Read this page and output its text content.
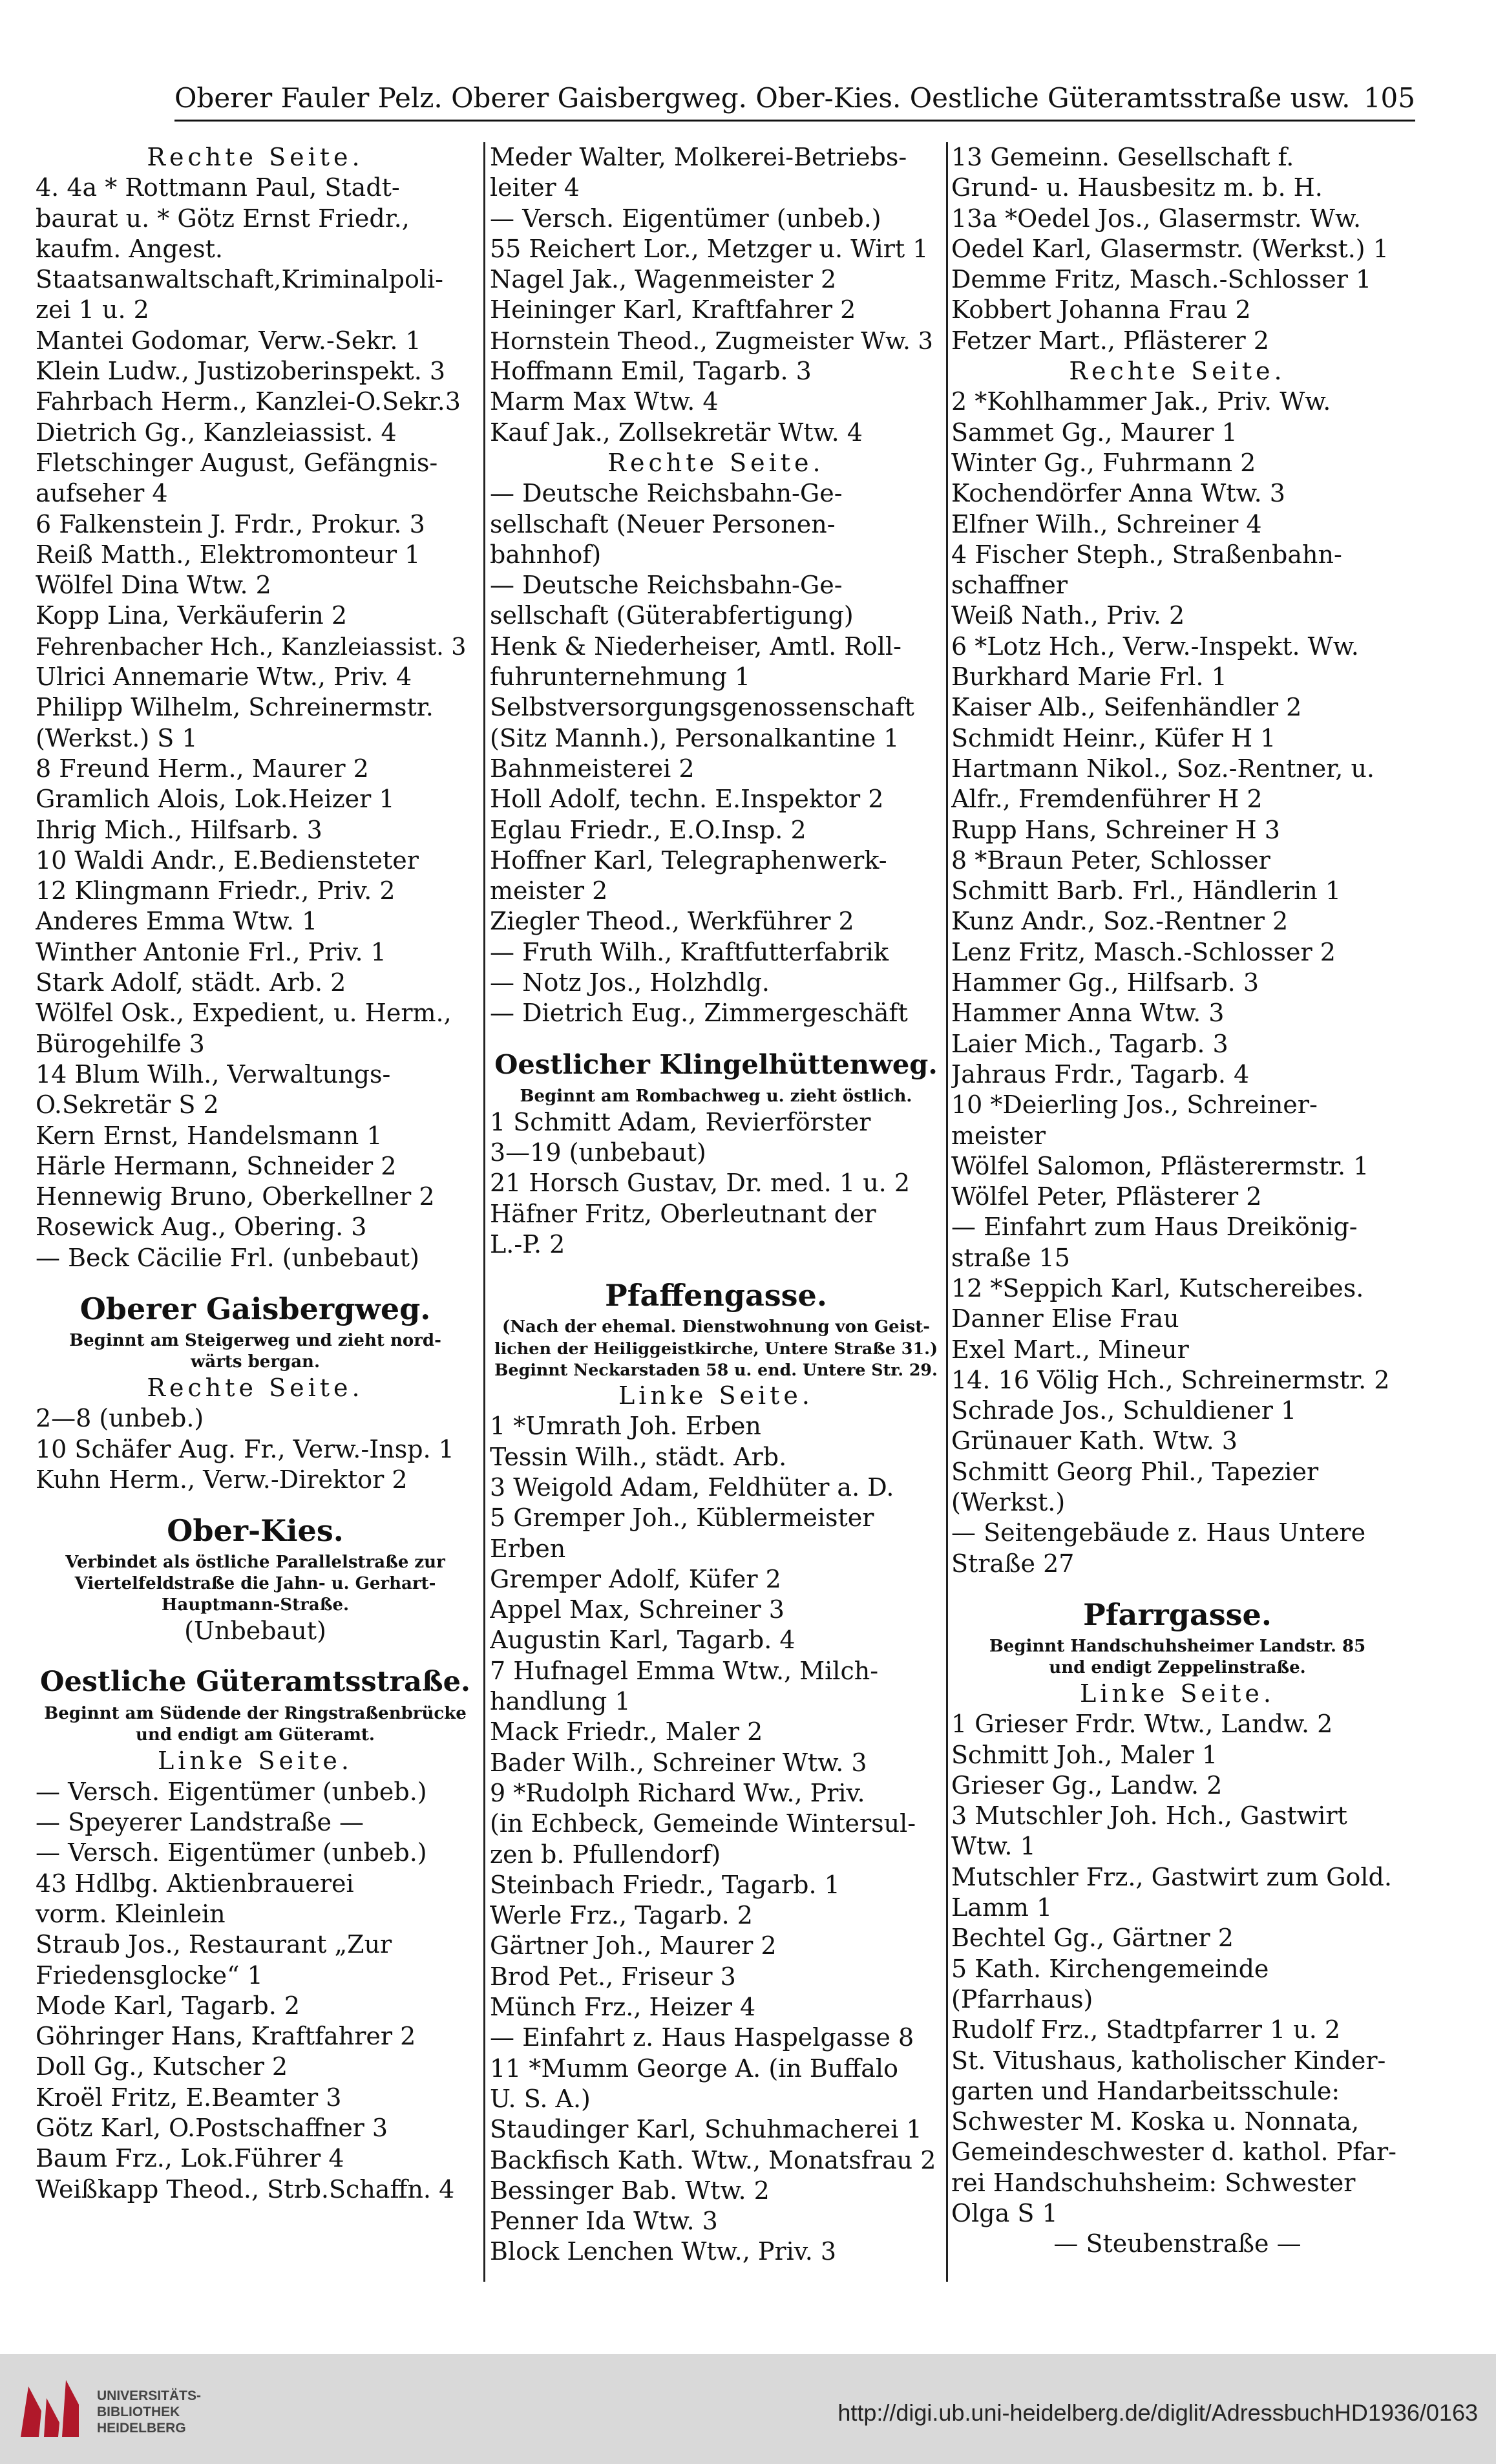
Oberer Fauler Pelz. Oberer Gaisbergweg. Ober-Kies. Oestliche Güteramtsstraße usw. 105
Rechte Seite.
4. 4a * Rottmann Paul, Stadt-
baurat u. * Götz Ernst Friedr.,
kaufm. Angest.
Staatsanwaltschaft,Kriminalpoli-
zei 1 u. 2
Mantei Godomar, Verw.-Sekr. 1
Klein Ludw., Justizoberinspekt. 3
Fahrbach Herm., Kanzlei-O.Sekr.3
Dietrich Gg., Kanzleiassist. 4
Fletschinger August, Gefängnis-
aufseher 4
6 Falkenstein J. Frdr., Prokur. 3
Reiß Matth., Elektromonteur 1
Wölfel Dina Wtw. 2
Kopp Lina, Verkäuferin 2
Fehrenbacher Hch., Kanzleiassist. 3
Ulrici Annemarie Wtw., Priv. 4
Philipp Wilhelm, Schreinermstr.
(Werkst.) S 1
8 Freund Herm., Maurer 2
Gramlich Alois, Lok.Heizer 1
Ihrig Mich., Hilfsarb. 3
10 Waldi Andr., E.Bediensteter
12 Klingmann Friedr., Priv. 2
Anderes Emma Wtw. 1
Winther Antonie Frl., Priv. 1
Stark Adolf, städt. Arb. 2
Wölfel Osk., Expedient, u. Herm.,
Bürogehilfe 3
14 Blum Wilh., Verwaltungs-
O.Sekretär S 2
Kern Ernst, Handelsmann 1
Härle Hermann, Schneider 2
Hennewig Bruno, Oberkellner 2
Rosewick Aug., Obering. 3
— Beck Cäcilie Frl. (unbebaut)
Oberer Gaisbergweg.
Beginnt am Steigerweg und zieht nord-
wärts bergan.
Rechte Seite.
2—8 (unbeb.)
10 Schäfer Aug. Fr., Verw.-Insp. 1
Kuhn Herm., Verw.-Direktor 2
Ober-Kies.
Verbindet als östliche Parallelstraße zur
Viertelfeldstraße die Jahn- u. Gerhart-
Hauptmann-Straße.
(Unbebaut)
Oestliche Güteramtsstraße.
Beginnt am Südende der Ringstraßenbrücke
und endigt am Güteramt.
Linke Seite.
— Versch. Eigentümer (unbeb.)
— Speyerer Landstraße —
— Versch. Eigentümer (unbeb.)
43 Hdlbg. Aktienbrauerei
vorm. Kleinlein
Straub Jos., Restaurant „Zur
Friedensglocke“ 1
Mode Karl, Tagarb. 2
Göhringer Hans, Kraftfahrer 2
Doll Gg., Kutscher 2
Kroël Fritz, E.Beamter 3
Götz Karl, O.Postschaffner 3
Baum Frz., Lok.Führer 4
Weißkapp Theod., Strb.Schaffn. 4
Meder Walter, Molkerei-Betriebs-
leiter 4
— Versch. Eigentümer (unbeb.)
55 Reichert Lor., Metzger u. Wirt 1
Nagel Jak., Wagenmeister 2
Heininger Karl, Kraftfahrer 2
Hornstein Theod., Zugmeister Ww. 3
Hoffmann Emil, Tagarb. 3
Marm Max Wtw. 4
Kauf Jak., Zollsekretär Wtw. 4
Rechte Seite.
— Deutsche Reichsbahn-Ge-
sellschaft (Neuer Personen-
bahnhof)
— Deutsche Reichsbahn-Ge-
sellschaft (Güterabfertigung)
Henk & Niederheiser, Amtl. Roll-
fuhrunternehmung 1
Selbstversorgungsgenossenschaft
(Sitz Mannh.), Personalkantine 1
Bahnmeisterei 2
Holl Adolf, techn. E.Inspektor 2
Eglau Friedr., E.O.Insp. 2
Hoffner Karl, Telegraphenwerk-
meister 2
Ziegler Theod., Werkführer 2
— Fruth Wilh., Kraftfutterfabrik
— Notz Jos., Holzhdlg.
— Dietrich Eug., Zimmergeschäft
Oestlicher Klingelhüttenweg.
Beginnt am Rombachweg u. zieht östlich.
1 Schmitt Adam, Revierförster
3—19 (unbebaut)
21 Horsch Gustav, Dr. med. 1 u. 2
Häfner Fritz, Oberleutnant der
L.-P. 2
Pfaffengasse.
(Nach der ehemal. Dienstwohnung von Geist-
lichen der Heiliggeistkirche, Untere Straße 31.)
Beginnt Neckarstaden 58 u. end. Untere Str. 29.
Linke Seite.
1 *Umrath Joh. Erben
Tessin Wilh., städt. Arb.
3 Weigold Adam, Feldhüter a. D.
5 Gremper Joh., Küblermeister
Erben
Gremper Adolf, Küfer 2
Appel Max, Schreiner 3
Augustin Karl, Tagarb. 4
7 Hufnagel Emma Wtw., Milch-
handlung 1
Mack Friedr., Maler 2
Bader Wilh., Schreiner Wtw. 3
9 *Rudolph Richard Ww., Priv.
(in Echbeck, Gemeinde Wintersul-
zen b. Pfullendorf)
Steinbach Friedr., Tagarb. 1
Werle Frz., Tagarb. 2
Gärtner Joh., Maurer 2
Brod Pet., Friseur 3
Münch Frz., Heizer 4
— Einfahrt z. Haus Haspelgasse 8
11 *Mumm George A. (in Buffalo
U. S. A.)
Staudinger Karl, Schuhmacherei 1
Backfisch Kath. Wtw., Monatsfrau 2
Bessinger Bab. Wtw. 2
Penner Ida Wtw. 3
Block Lenchen Wtw., Priv. 3
13 Gemeinn. Gesellschaft f.
Grund- u. Hausbesitz m. b. H.
13a *Oedel Jos., Glasermstr. Ww.
Oedel Karl, Glasermstr. (Werkst.) 1
Demme Fritz, Masch.-Schlosser 1
Kobbert Johanna Frau 2
Fetzer Mart., Pflästerer 2
Rechte Seite.
2 *Kohlhammer Jak., Priv. Ww.
Sammet Gg., Maurer 1
Winter Gg., Fuhrmann 2
Kochendörfer Anna Wtw. 3
Elfner Wilh., Schreiner 4
4 Fischer Steph., Straßenbahn-
schaffner
Weiß Nath., Priv. 2
6 *Lotz Hch., Verw.-Inspekt. Ww.
Burkhard Marie Frl. 1
Kaiser Alb., Seifenhändler 2
Schmidt Heinr., Küfer H 1
Hartmann Nikol., Soz.-Rentner, u.
Alfr., Fremdenführer H 2
Rupp Hans, Schreiner H 3
8 *Braun Peter, Schlosser
Schmitt Barb. Frl., Händlerin 1
Kunz Andr., Soz.-Rentner 2
Lenz Fritz, Masch.-Schlosser 2
Hammer Gg., Hilfsarb. 3
Hammer Anna Wtw. 3
Laier Mich., Tagarb. 3
Jahraus Frdr., Tagarb. 4
10 *Deierling Jos., Schreiner-
meister
Wölfel Salomon, Pflästerermstr. 1
Wölfel Peter, Pflästerer 2
— Einfahrt zum Haus Dreikönig-
straße 15
12 *Seppich Karl, Kutschereibes.
Danner Elise Frau
Exel Mart., Mineur
14. 16 Völig Hch., Schreinermstr. 2
Schrade Jos., Schuldiener 1
Grünauer Kath. Wtw. 3
Schmitt Georg Phil., Tapezier
(Werkst.)
— Seitengebäude z. Haus Untere
Straße 27
Pfarrgasse.
Beginnt Handschuhsheimer Landstr. 85
und endigt Zeppelinstraße.
Linke Seite.
1 Grieser Frdr. Wtw., Landw. 2
Schmitt Joh., Maler 1
Grieser Gg., Landw. 2
3 Mutschler Joh. Hch., Gastwirt
Wtw. 1
Mutschler Frz., Gastwirt zum Gold.
Lamm 1
Bechtel Gg., Gärtner 2
5 Kath. Kirchengemeinde
(Pfarrhaus)
Rudolf Frz., Stadtpfarrer 1 u. 2
St. Vitushaus, katholischer Kinder-
garten und Handarbeitsschule:
Schwester M. Koska u. Nonnata,
Gemeindeschwester d. kathol. Pfar-
rei Handschuhsheim: Schwester
Olga S 1
— Steubenstraße —
UNIVERSITÄTS-
BIBLIOTHEK
HEIDELBERG
http://digi.ub.uni-heidelberg.de/diglit/AdressbuchHD1936/0163
